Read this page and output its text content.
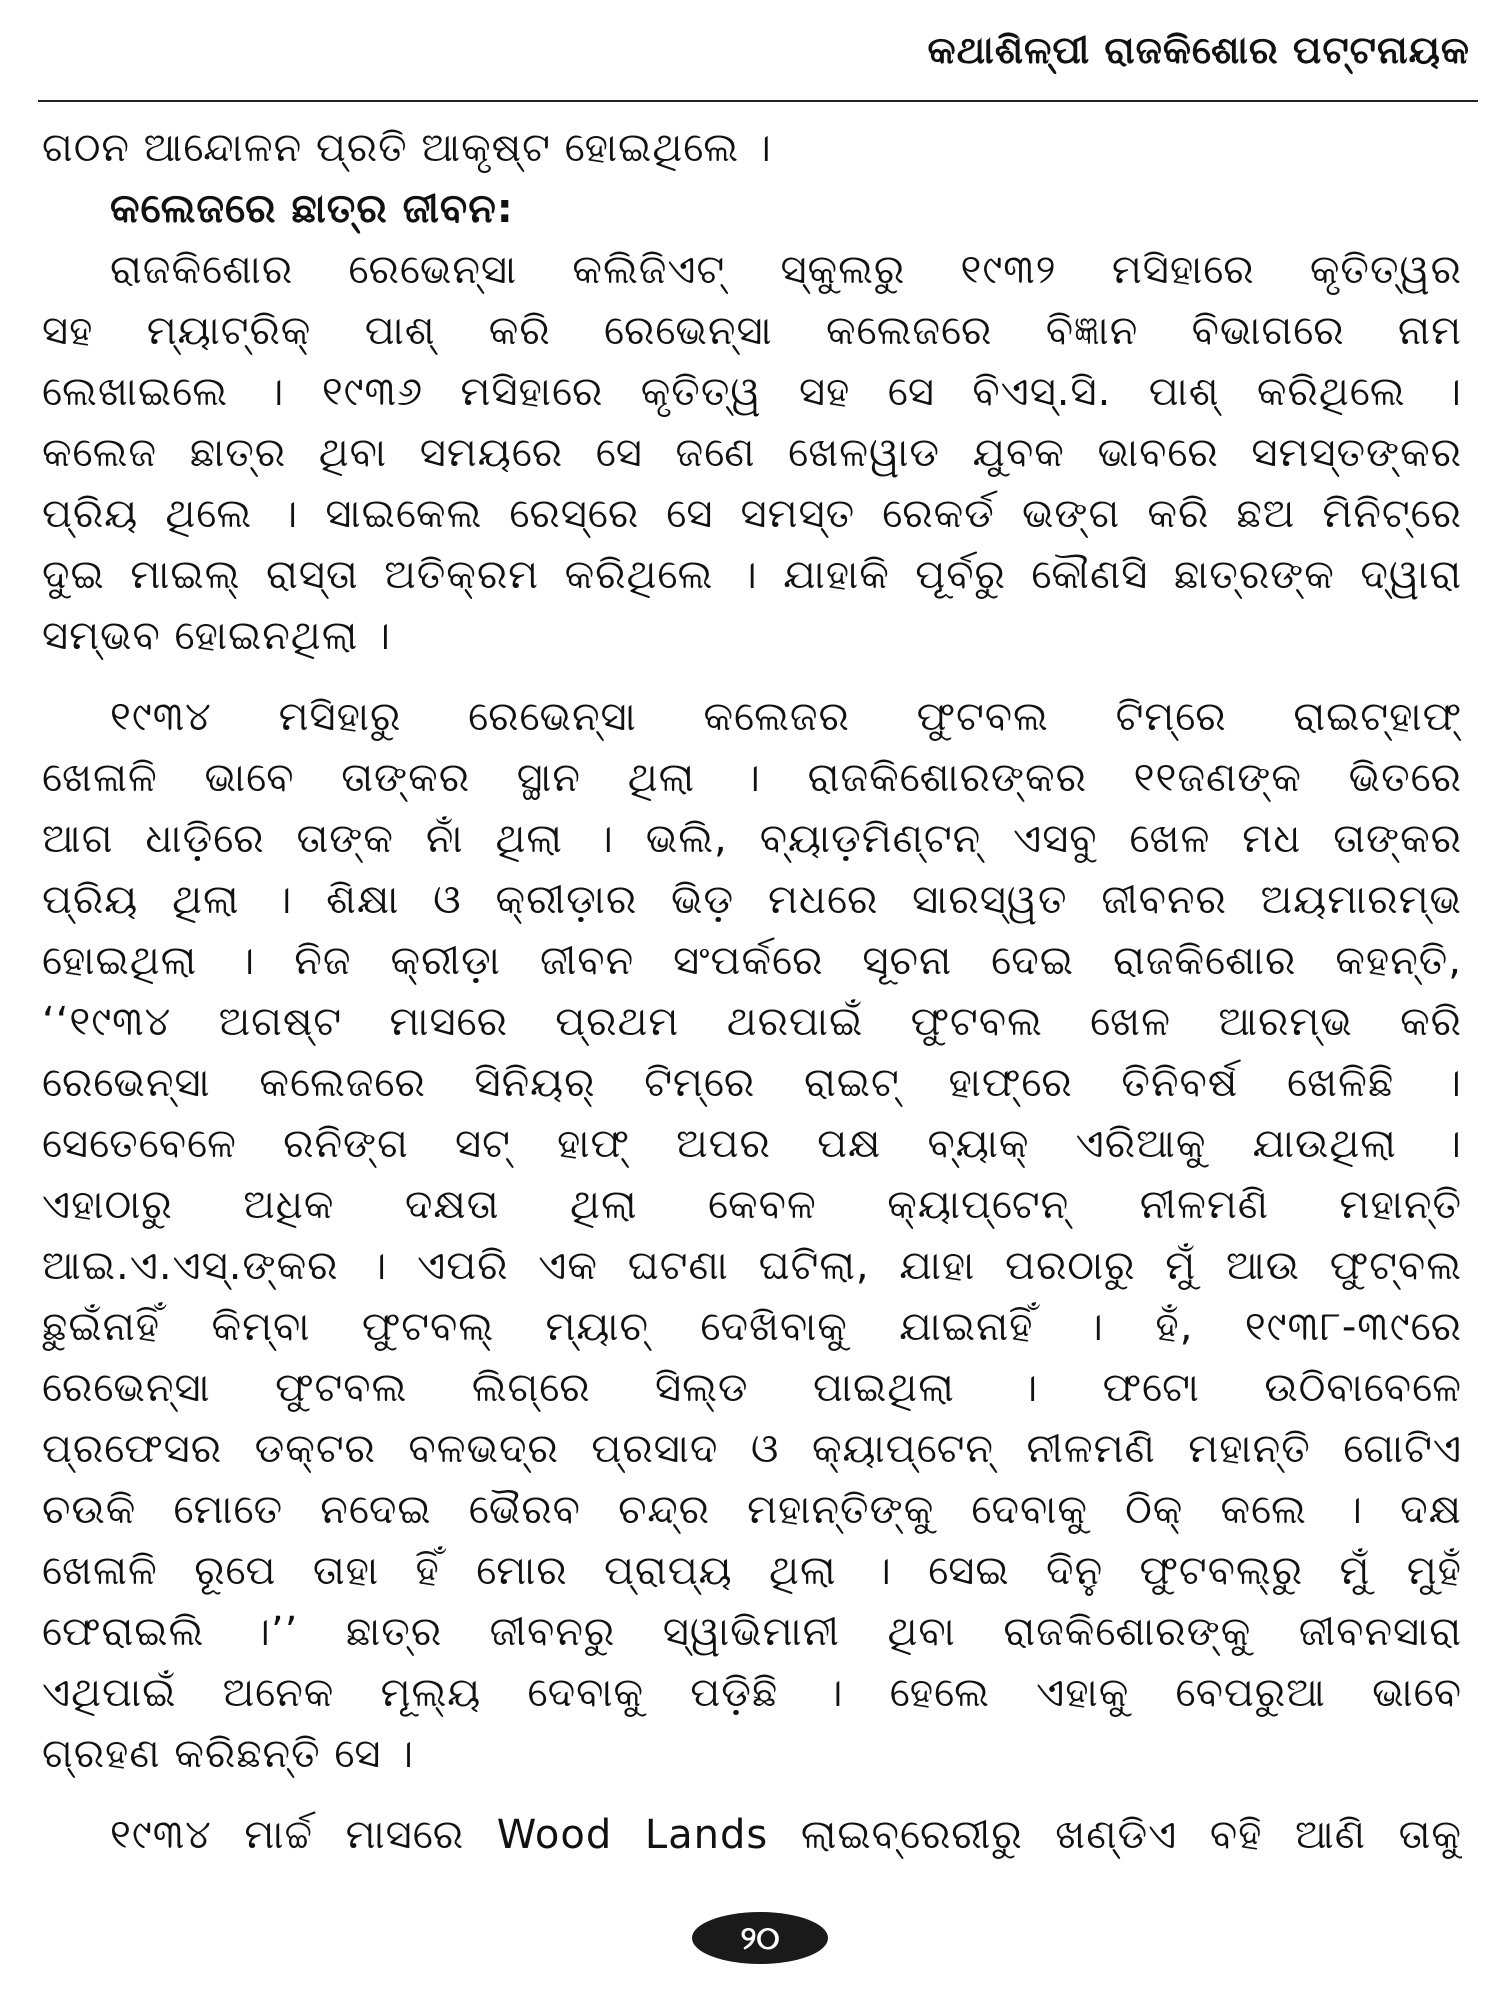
କଥାଶିଳ୍ପୀ ରାଜକିଶୋର ପଟ୍ଟନାୟକ
ଗଠନ ଆନ୍ଦୋଳନ ପ୍ରତି ଆକୃଷ୍ଟ ହୋଇଥିଲେ ।
କଲେଜରେ ଛାତ୍ର ଜୀବନ:
ରାଜକିଶୋର ରେଭେନ୍‌ସା କଲିଜିଏଟ୍ ସ୍କୁଲରୁ ୧୯୩୨ ମସିହାରେ କୃତିତ୍ୱର
ସହ ମ୍ୟାଟ୍ରିକ୍ ପାଶ୍ କରି ରେଭେନ୍‌ସା କଲେଜରେ ବିଜ୍ଞାନ ବିଭାଗରେ ନାମ
ଲେଖାଇଲେ । ୧୯୩୬ ମସିହାରେ କୃତିତ୍ୱ ସହ ସେ ବିଏସ୍.ସି. ପାଶ୍ କରିଥିଲେ ।
କଲେଜ ଛାତ୍ର ଥିବା ସମୟରେ ସେ ଜଣେ ଖେଳୱାଡ ଯୁବକ ଭାବରେ ସମସ୍ତଙ୍କର
ପ୍ରିୟ ଥିଲେ । ସାଇକେଲ ରେସ୍‌ରେ ସେ ସମସ୍ତ ରେକର୍ଡ ଭଙ୍ଗ କରି ଛଅ ମିନିଟ୍‌ରେ
ଦୁଇ ମାଇଲ୍ ରାସ୍ତା ଅତିକ୍ରମ କରିଥିଲେ । ଯାହାକି ପୂର୍ବରୁ କୌଣସି ଛାତ୍ରଙ୍କ ଦ୍ୱାରା
ସମ୍ଭବ ହୋଇନଥିଲା ।
୧୯୩୪ ମସିହାରୁ ରେଭେନ୍‌ସା କଲେଜର ଫୁଟବଲ ଟିମ୍‌ରେ ରାଇଟ୍‌ହାଫ୍
ଖେଳାଳି ଭାବେ ତାଙ୍କର ସ୍ଥାନ ଥିଲା । ରାଜକିଶୋରଙ୍କର ୧୧ଜଣଙ୍କ ଭିତରେ
ଆଗ ଧାଡ଼ିରେ ତାଙ୍କ ନାଁ ଥିଲା । ଭଲି, ବ୍ୟାଡ଼ମିଣ୍ଟନ୍ ଏସବୁ ଖେଳ ମଧ ତାଙ୍କର
ପ୍ରିୟ ଥିଲା । ଶିକ୍ଷା ଓ କ୍ରୀଡ଼ାର ଭିଡ଼ ମଧରେ ସାରସ୍ୱତ ଜୀବନର ଅୟମାରମ୍ଭ
ହୋଇଥିଲା । ନିଜ କ୍ରୀଡ଼ା ଜୀବନ ସଂପର୍କରେ ସୂଚନା ଦେଇ ରାଜକିଶୋର କହନ୍ତି,
‘‘୧୯୩୪ ଅଗଷ୍ଟ ମାସରେ ପ୍ରଥମ ଥରପାଇଁ ଫୁଟବଲ ଖେଳ ଆରମ୍ଭ କରି
ରେଭେନ୍‌ସା କଲେଜରେ ସିନିୟର୍ ଟିମ୍‌ରେ ରାଇଟ୍ ହାଫ୍‌ରେ ତିନିବର୍ଷ ଖେଳିଛି ।
ସେତେବେଳେ ରନିଙ୍ଗ ସଟ୍ ହାଫ୍ ଅପର ପକ୍ଷ ବ୍ୟାକ୍ ଏରିଆକୁ ଯାଉଥିଲା ।
ଏହାଠାରୁ ଅଧିକ ଦକ୍ଷତା ଥିଲା କେବଳ କ୍ୟାପ୍‌ଟେନ୍ ନୀଳମଣି ମହାନ୍ତି
ଆଇ.ଏ.ଏସ୍.ଙ୍କର । ଏପରି ଏକ ଘଟଣା ଘଟିଲା, ଯାହା ପରଠାରୁ ମୁଁ ଆଉ ଫୁଟ୍‌ବଲ
ଛୁଇଁନାହିଁ କିମ୍ବା ଫୁଟବଲ୍ ମ୍ୟାଚ୍ ଦେଖିବାକୁ ଯାଇନାହିଁ । ହଁ, ୧୯୩୮-୩୯ରେ
ରେଭେନ୍‌ସା ଫୁଟବଲ ଲିଗ୍‌ରେ ସିଲ୍‌ଡ ପାଇଥିଲା । ଫଟୋ ଉଠିବାବେଳେ
ପ୍ରଫେସର ଡକ୍ଟର ବଳଭଦ୍ର ପ୍ରସାଦ ଓ କ୍ୟାପ୍‌ଟେନ୍ ନୀଳମଣି ମହାନ୍ତି ଗୋଟିଏ
ଚଉକି ମୋତେ ନଦେଇ ଭୈରବ ଚନ୍ଦ୍ର ମହାନ୍ତିଙ୍କୁ ଦେବାକୁ ଠିକ୍ କଲେ । ଦକ୍ଷ
ଖେଳାଳି ରୂପେ ତାହା ହିଁ ମୋର ପ୍ରାପ୍ୟ ଥିଲା । ସେଇ ଦିନୁ ଫୁଟବଲ୍‌ରୁ ମୁଁ ମୁହଁ
ଫେରାଇଲି ।’’ ଛାତ୍ର ଜୀବନରୁ ସ୍ୱାଭିମାନୀ ଥିବା ରାଜକିଶୋରଙ୍କୁ ଜୀବନସାରା
ଏଥିପାଇଁ ଅନେକ ମୂଲ୍ୟ ଦେବାକୁ ପଡ଼ିଛି । ହେଲେ ଏହାକୁ ବେପରୁଆ ଭାବେ
ଗ୍ରହଣ କରିଛନ୍ତି ସେ ।
୧୯୩୪ ମାର୍ଚ୍ଚ ମାସରେ Wood Lands ଲାଇବ୍ରେରୀରୁ ଖଣ୍ଡିଏ ବହି ଆଣି ତାକୁ
୨୦
